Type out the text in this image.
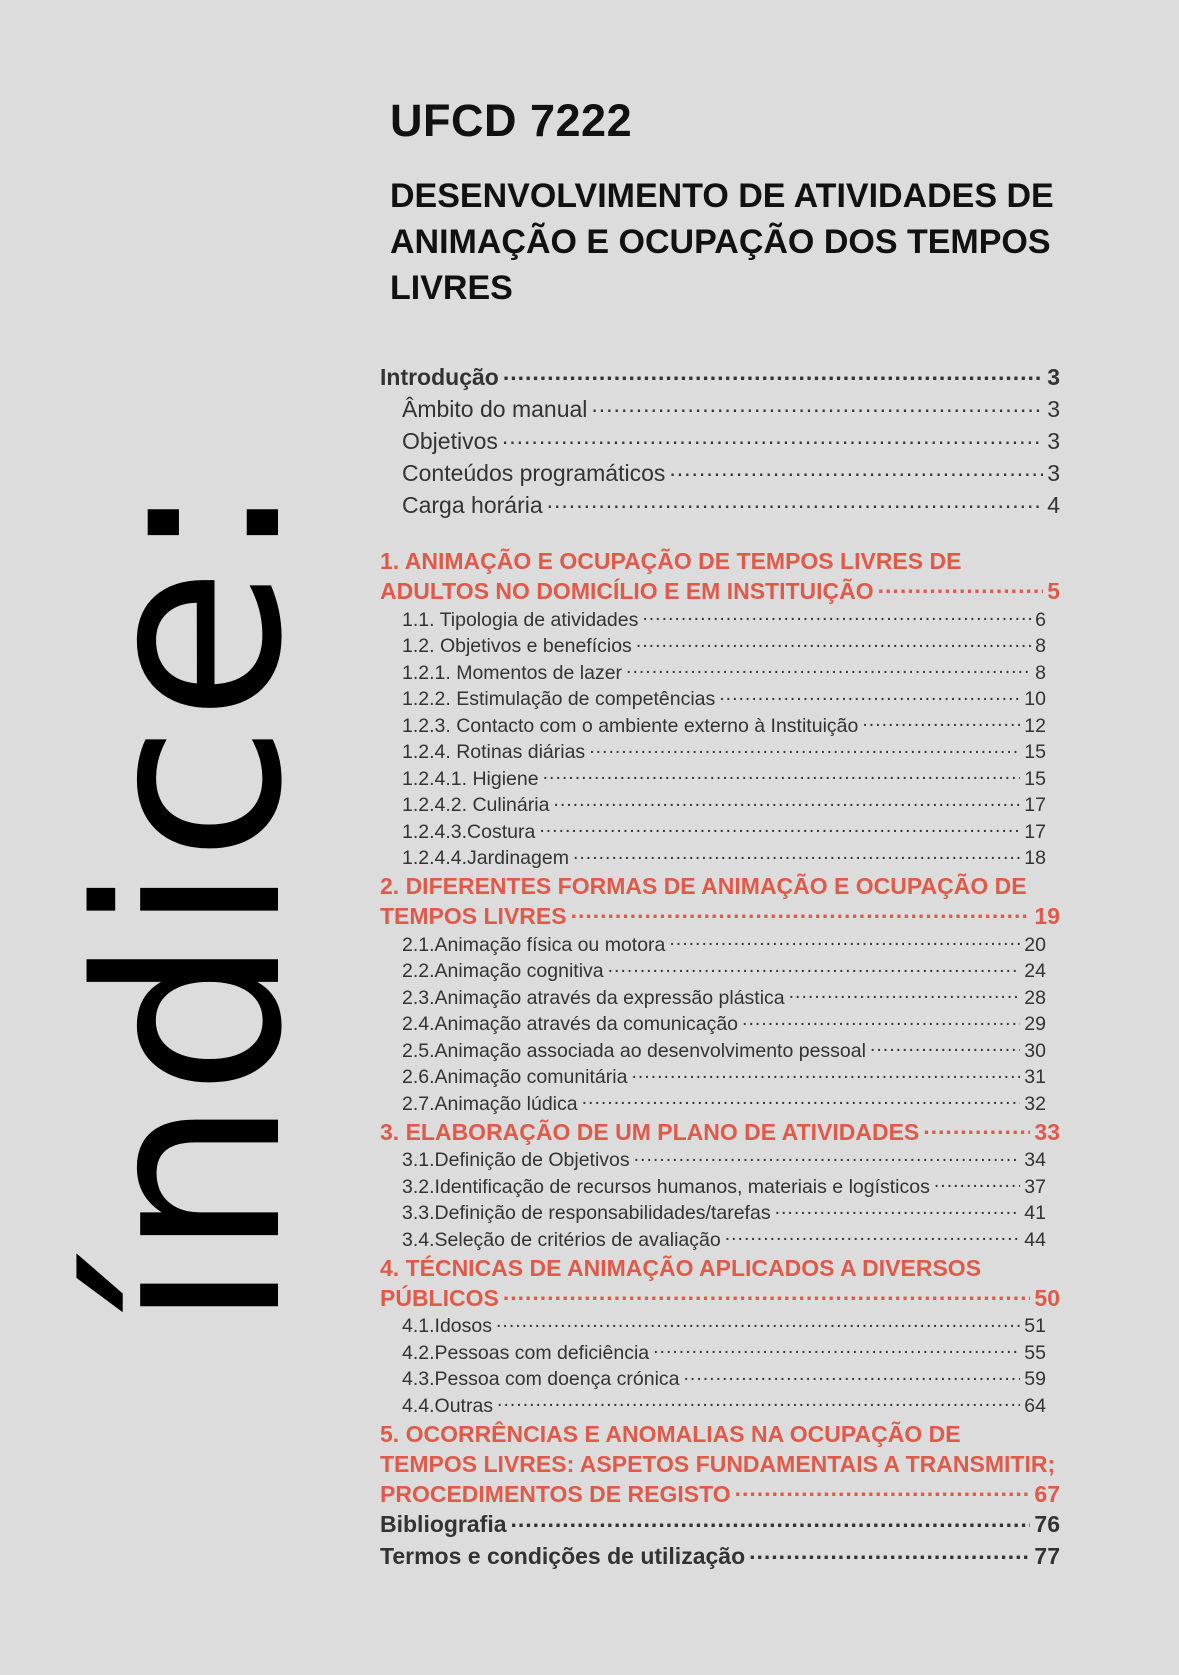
índice:
UFCD 7222
DESENVOLVIMENTO DE ATIVIDADES DE ANIMAÇÃO E OCUPAÇÃO DOS TEMPOS LIVRES
Introdução .....	3
Âmbito do manual .....	3
Objetivos .....	3
Conteúdos programáticos .....	3
Carga horária .....	4
1. ANIMAÇÃO E OCUPAÇÃO DE TEMPOS LIVRES DE
ADULTOS NO DOMICÍLIO E EM INSTITUIÇÃO .....	5
1.1. Tipologia de atividades .....	6
1.2. Objetivos e benefícios .....	8
1.2.1. Momentos de lazer .....	8
1.2.2. Estimulação de competências .....	10
1.2.3. Contacto com o ambiente externo à Instituição .....	12
1.2.4. Rotinas diárias .....	15
1.2.4.1. Higiene .....	15
1.2.4.2. Culinária .....	17
1.2.4.3.Costura .....	17
1.2.4.4.Jardinagem .....	18
2. DIFERENTES FORMAS DE ANIMAÇÃO E OCUPAÇÃO DE
TEMPOS LIVRES .....	19
2.1.Animação física ou motora .....	20
2.2.Animação cognitiva .....	24
2.3.Animação através da expressão plástica .....	28
2.4.Animação através da comunicação .....	29
2.5.Animação associada ao desenvolvimento pessoal .....	30
2.6.Animação comunitária .....	31
2.7.Animação lúdica .....	32
3. ELABORAÇÃO DE UM PLANO DE ATIVIDADES .....	33
3.1.Definição de Objetivos .....	34
3.2.Identificação de recursos humanos, materiais e logísticos .....	37
3.3.Definição de responsabilidades/tarefas .....	41
3.4.Seleção de critérios de avaliação .....	44
4. TÉCNICAS DE ANIMAÇÃO APLICADOS A DIVERSOS
PÚBLICOS .....	50
4.1.Idosos .....	51
4.2.Pessoas com deficiência .....	55
4.3.Pessoa com doença crónica .....	59
4.4.Outras .....	64
5. OCORRÊNCIAS E ANOMALIAS NA OCUPAÇÃO DE
TEMPOS LIVRES: ASPETOS FUNDAMENTAIS A TRANSMITIR;
PROCEDIMENTOS DE REGISTO .....	67
Bibliografia .....	76
Termos e condições de utilização .....	77
